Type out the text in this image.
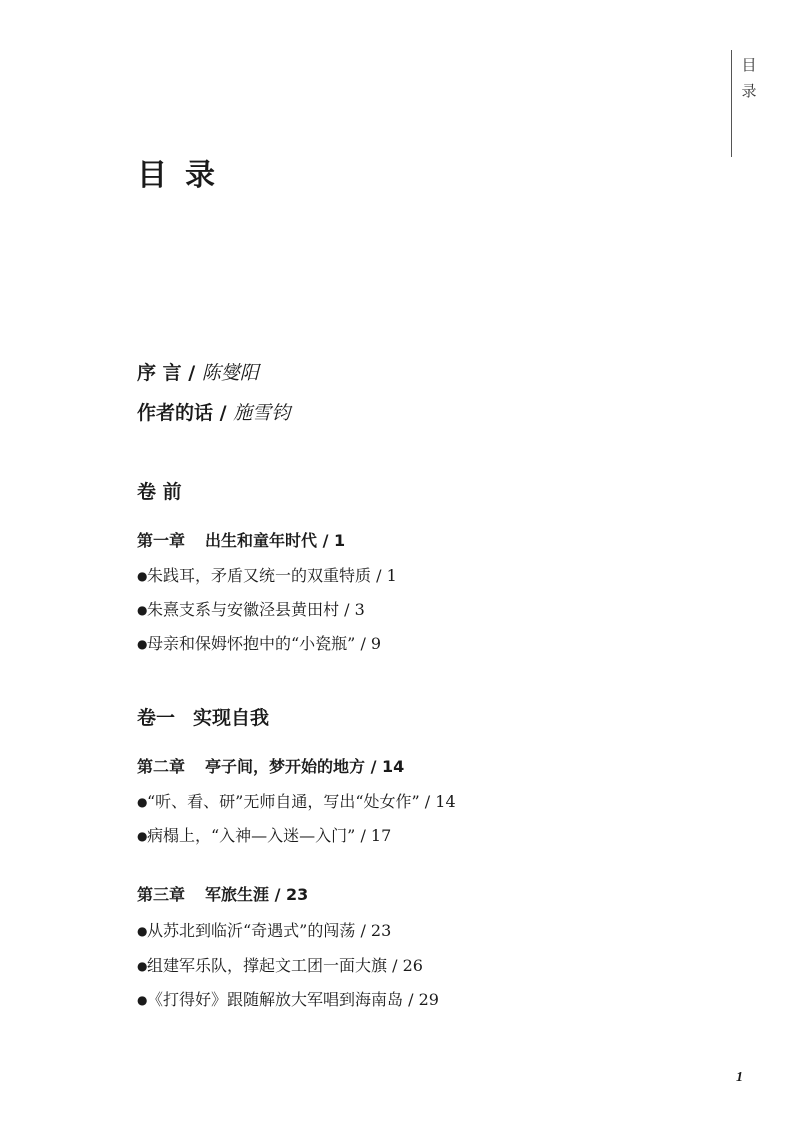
目
录
目录
序 言 / 陈燮阳
作者的话 / 施雪钧
卷 前
第一章 出生和童年时代 / 1
●朱践耳，矛盾又统一的双重特质 / 1
●朱熹支系与安徽泾县黄田村 / 3
●母亲和保姆怀抱中的“小瓷瓶” / 9
卷一 实现自我
第二章 亭子间，梦开始的地方 / 14
●“听、看、研”无师自通，写出“处女作” / 14
●病榻上，“入神—入迷—入门” / 17
第三章 军旅生涯 / 23
●从苏北到临沂“奇遇式”的闯荡 / 23
●组建军乐队，撑起文工团一面大旗 / 26
●《打得好》跟随解放大军唱到海南岛 / 29
1
